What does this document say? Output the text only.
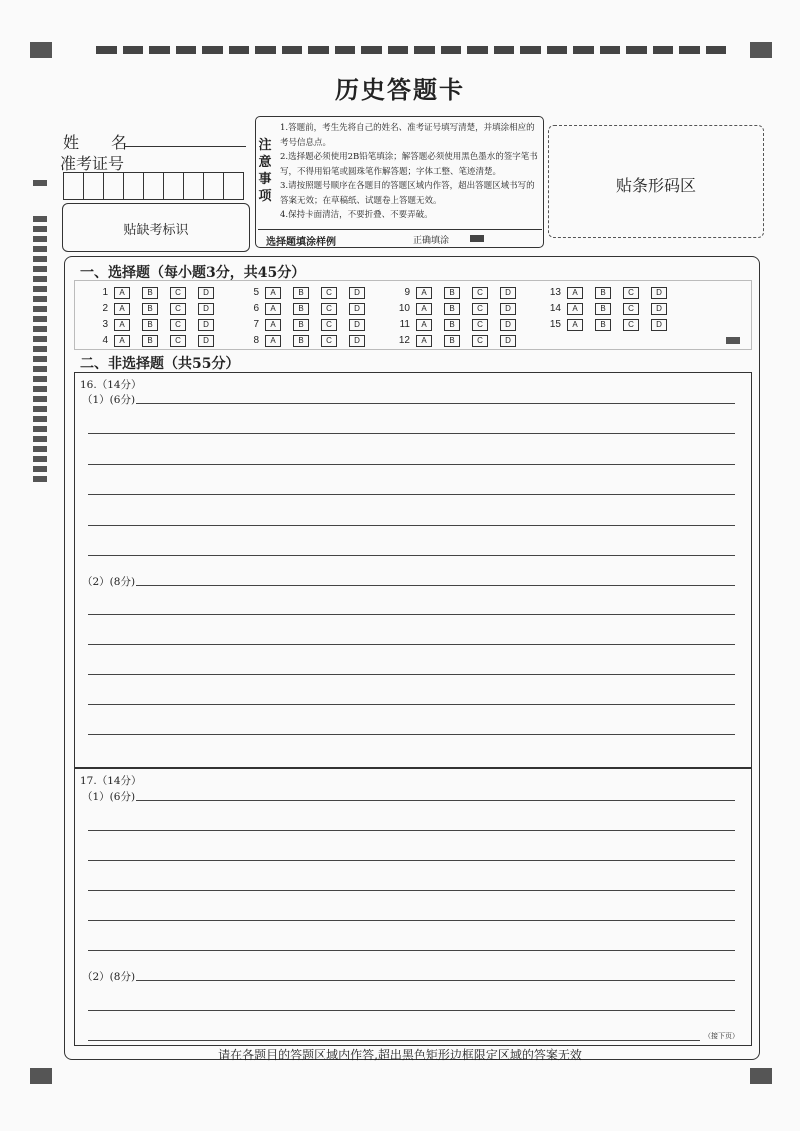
历史答题卡
姓　　名
准考证号
贴缺考标识
注意事项
1.答题前，考生先将自己的姓名、准考证号填写清楚，并填涂相应的考号信息点。
2.选择题必须使用2B铅笔填涂；解答题必须使用黑色墨水的签字笔书写，不得用铅笔或圆珠笔作解答题；字体工整、笔迹清楚。
3.请按照题号顺序在各题目的答题区域内作答，超出答题区域书写的答案无效；在草稿纸、试题卷上答题无效。
4.保持卡面清洁，不要折叠、不要弄破。
选择题填涂样例	正确填涂
贴条形码区
一、选择题（每小题3分，共45分）
1	A	B	C	D	5	A	B	C	D	9	A	B	C	D	13	A	B	C	D
2	A	B	C	D	6	A	B	C	D	10	A	B	C	D	14	A	B	C	D
3	A	B	C	D	7	A	B	C	D	11	A	B	C	D	15	A	B	C	D
4	A	B	C	D	8	A	B	C	D	12	A	B	C	D
二、非选择题（共55分）
16.（14分）
（1）(6分)
（2）(8分)
17.（14分）
（1）(6分)
（2）(8分)
（接下页）
请在各题目的答题区域内作答,超出黑色矩形边框限定区域的答案无效
